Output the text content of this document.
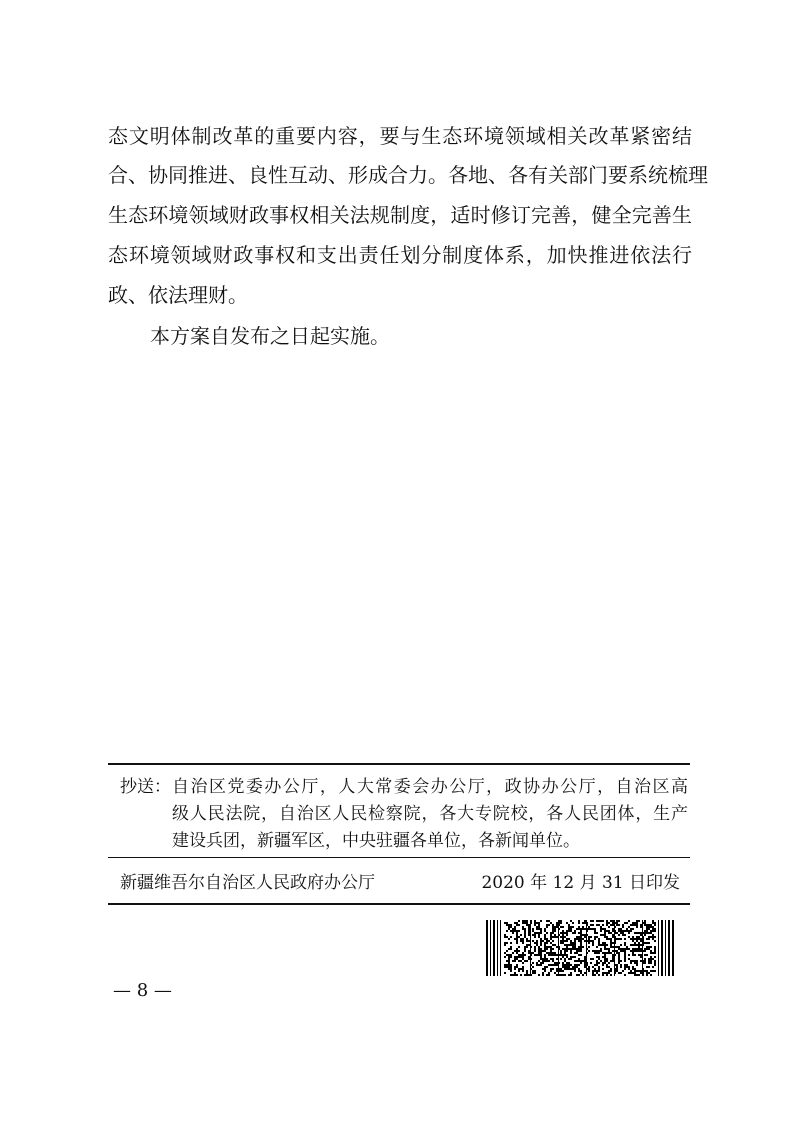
态文明体制改革的重要内容，要与生态环境领域相关改革紧密结
合、协同推进、良性互动、形成合力。各地、各有关部门要系统梳理
生态环境领域财政事权相关法规制度，适时修订完善，健全完善生
态环境领域财政事权和支出责任划分制度体系，加快推进依法行
政、依法理财。
本方案自发布之日起实施。
抄送： 自治区党委办公厅，人大常委会办公厅，政协办公厅，自治区高
级人民法院，自治区人民检察院，各大专院校，各人民团体，生产
建设兵团，新疆军区，中央驻疆各单位，各新闻单位。
新疆维吾尔自治区人民政府办公厅	2020 年 12 月 31 日印发
— 8 —
